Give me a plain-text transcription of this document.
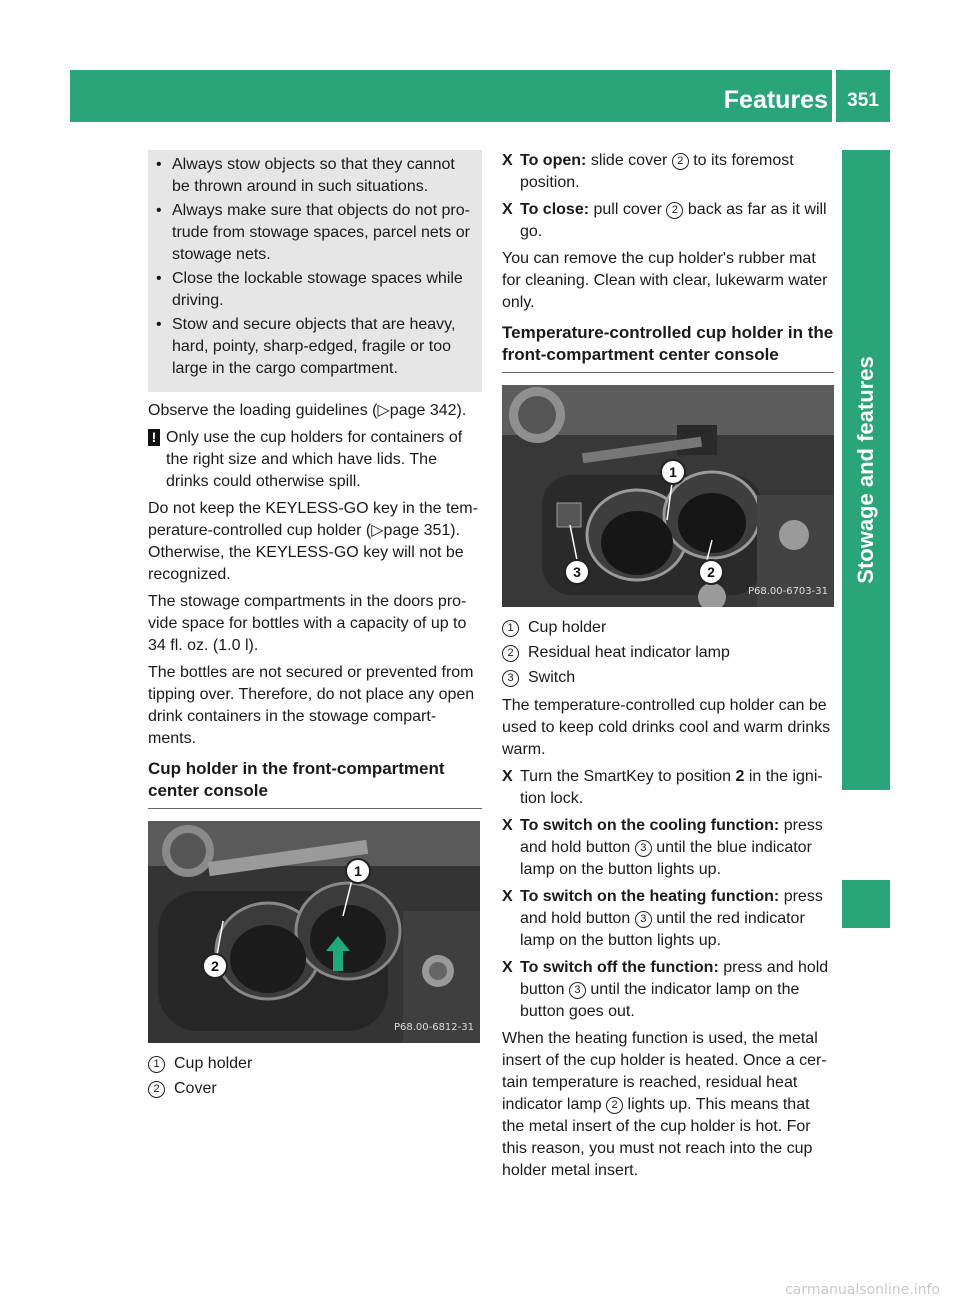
Features	351
Stowage and features
• Always stow objects so that they cannot be thrown around in such situations.
• Always make sure that objects do not pro- trude from stowage spaces, parcel nets or stowage nets.
• Close the lockable stowage spaces while driving.
• Stow and secure objects that are heavy, hard, pointy, sharp-edged, fragile or too large in the cargo compartment.

Observe the loading guidelines (▷page 342).

! Only use the cup holders for containers of the right size and which have lids. The drinks could otherwise spill.

Do not keep the KEYLESS-GO key in the tem- perature-controlled cup holder (▷page 351). Otherwise, the KEYLESS-GO key will not be recognized.

The stowage compartments in the doors pro- vide space for bottles with a capacity of up to 34 fl. oz. (1.0 l).

The bottles are not secured or prevented from tipping over. Therefore, do not place any open drink containers in the stowage compart- ments.

Cup holder in the front-compartment center console
1
2
P68.00-6812-31
1 Cup holder
2 Cover
X To open: slide cover 2 to its foremost position.
X To close: pull cover 2 back as far as it will go.

You can remove the cup holder's rubber mat for cleaning. Clean with clear, lukewarm water only.

Temperature-controlled cup holder in the front-compartment center console
1
2
3
P68.00-6703-31
1 Cup holder
2 Residual heat indicator lamp
3 Switch

The temperature-controlled cup holder can be used to keep cold drinks cool and warm drinks warm.

X Turn the SmartKey to position 2 in the igni- tion lock.
X To switch on the cooling function: press and hold button 3 until the blue indicator lamp on the button lights up.
X To switch on the heating function: press and hold button 3 until the red indicator lamp on the button lights up.
X To switch off the function: press and hold button 3 until the indicator lamp on the button goes out.

When the heating function is used, the metal insert of the cup holder is heated. Once a cer- tain temperature is reached, residual heat indicator lamp 2 lights up. This means that the metal insert of the cup holder is hot. For this reason, you must not reach into the cup holder metal insert.

carmanualsonline.info
